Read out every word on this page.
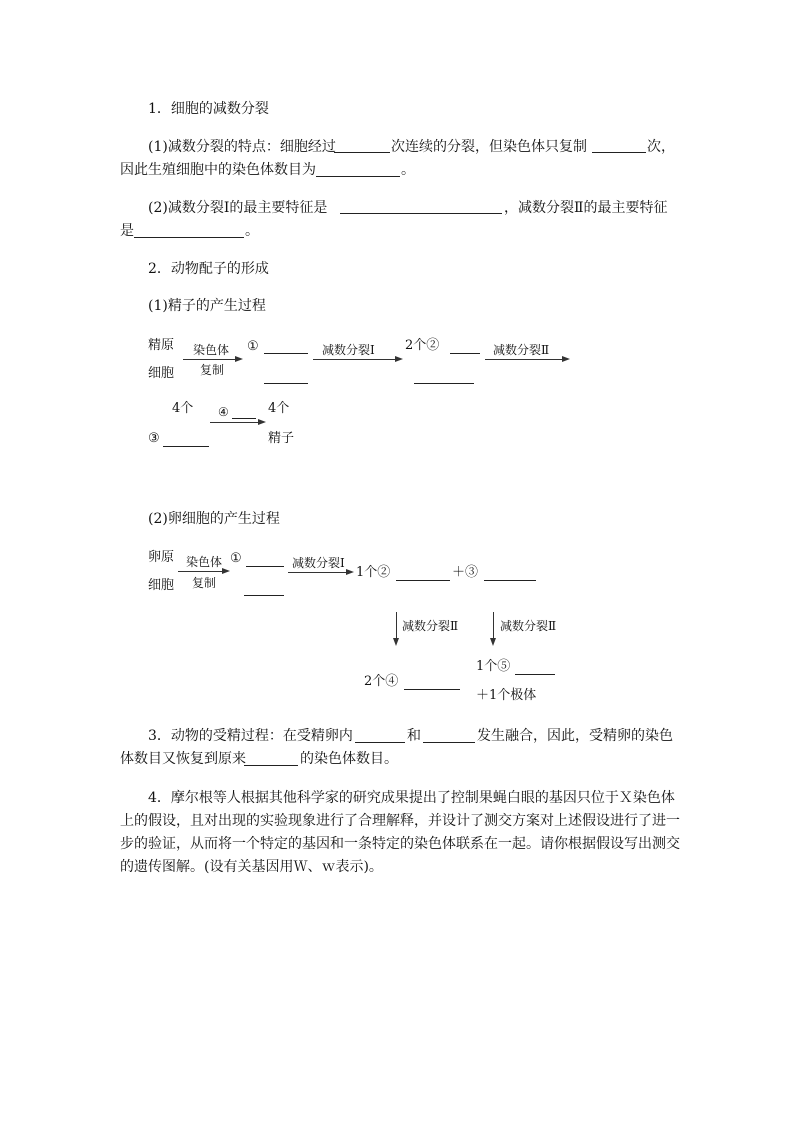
1．细胞的减数分裂
(1)减数分裂的特点：细胞经过	次连续的分裂，但染色体只复制	次，
因此生殖细胞中的染色体数目为	。
(2)减数分裂Ⅰ的最主要特征是	，减数分裂Ⅱ的最主要特征
是	。
2．动物配子的形成
(1)精子的产生过程
精原
细胞
染色体
复制
①	减数分裂Ⅰ 2个②	减数分裂Ⅱ
4个
③
④	4个
精子
(2)卵细胞的产生过程
卵原
细胞
染色体
复制
①	减数分裂Ⅰ
1个②	＋③
减数分裂Ⅱ	减数分裂Ⅱ
2个④
1个⑤
＋1个极体
3．动物的受精过程：在受精卵内	和	发生融合，因此，受精卵的染色
体数目又恢复到原来	的染色体数目。
4．摩尔根等人根据其他科学家的研究成果提出了控制果蝇白眼的基因只位于Ｘ染色体
上的假设，且对出现的实验现象进行了合理解释，并设计了测交方案对上述假设进行了进一
步的验证，从而将一个特定的基因和一条特定的染色体联系在一起。请你根据假设写出测交
的遗传图解。(设有关基因用Ｗ、ｗ表示)。
